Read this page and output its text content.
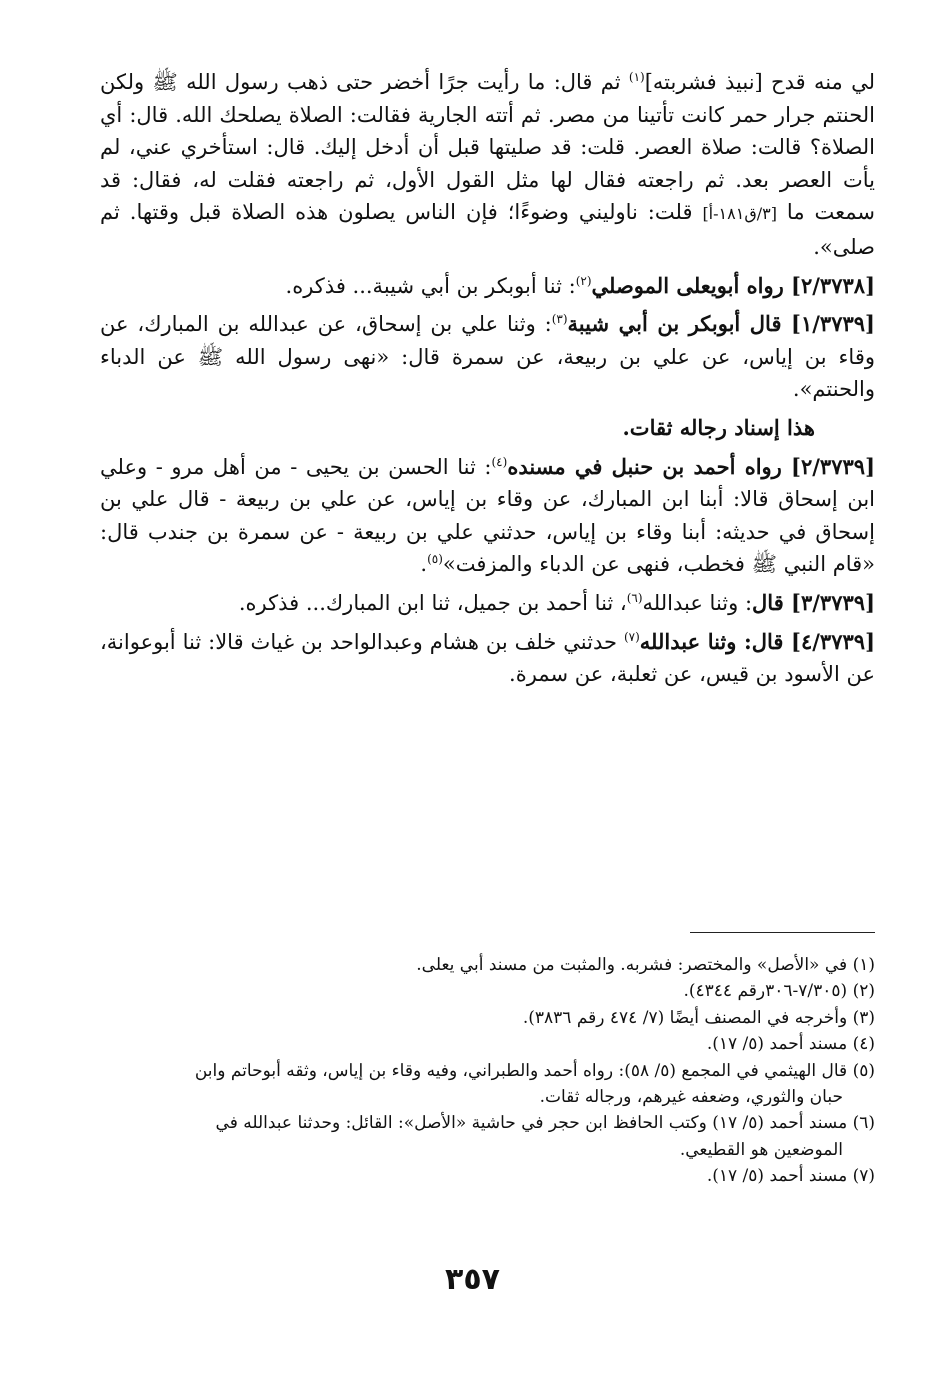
لي منه قدح [نبيذ فشربته]$^{(١)}$ ثم قال: ما رأيت جرًا أخضر حتى ذهب رسول الله ﷺ ولكن الحنتم جرار حمر كانت تأتينا من مصر. ثم أتته الجارية فقالت: الصلاة يصلحك الله. قال: أي الصلاة؟ قالت: صلاة العصر. قلت: قد صليتها قبل أن أدخل إليك. قال: استأخري عني، لم يأت العصر بعد. ثم راجعته فقال لها مثل القول الأول، ثم راجعته فقلت له، فقال: قد سمعت ما [٣/ق١٨١-أ] قلت: ناوليني وضوءًا؛ فإن الناس يصلون هذه الصلاة قبل وقتها. ثم صلى».

[٢/٣٧٣٨] رواه أبويعلى الموصلي$^{(٢)}$: ثنا أبوبكر بن أبي شيبة... فذكره.

[١/٣٧٣٩] قال أبوبكر بن أبي شيبة$^{(٣)}$: وثنا علي بن إسحاق، عن عبدالله بن المبارك، عن وقاء بن إياس، عن علي بن ربيعة، عن سمرة قال: «نهى رسول الله ﷺ عن الدباء والحنتم».

هذا إسناد رجاله ثقات.

[٢/٣٧٣٩] رواه أحمد بن حنبل في مسنده$^{(٤)}$: ثنا الحسن بن يحيى - من أهل مرو - وعلي ابن إسحاق قالا: أبنا ابن المبارك، عن وقاء بن إياس، عن علي بن ربيعة - قال علي بن إسحاق في حديثه: أبنا وقاء بن إياس، حدثني علي بن ربيعة - عن سمرة بن جندب قال: «قام النبي ﷺ فخطب، فنهى عن الدباء والمزفت»$^{(٥)}$.

[٣/٣٧٣٩] قال: وثنا عبدالله$^{(٦)}$، ثنا أحمد بن جميل، ثنا ابن المبارك... فذكره.

[٤/٣٧٣٩] قال: وثنا عبدالله$^{(٧)}$ حدثني خلف بن هشام وعبدالواحد بن غياث قالا: ثنا أبوعوانة، عن الأسود بن قيس، عن ثعلبة، عن سمرة.

(١) في «الأصل» والمختصر: فشربه. والمثبت من مسند أبي يعلى.

(٢) (٧/٣٠٥-٣٠٦رقم ٤٣٤٤).

(٣) وأخرجه في المصنف أيضًا (٧/ ٤٧٤ رقم ٣٨٣٦).

(٤) مسند أحمد (٥/ ١٧).

(٥) قال الهيثمي في المجمع (٥/ ٥٨): رواه أحمد والطبراني، وفيه وقاء بن إياس، وثقه أبوحاتم وابن
حبان والثوري، وضعفه غيرهم، ورجاله ثقات.

(٦) مسند أحمد (٥/ ١٧) وكتب الحافظ ابن حجر في حاشية «الأصل»: القائل: وحدثنا عبدالله في
الموضعين هو القطيعي.

(٧) مسند أحمد (٥/ ١٧).

٣٥٧
